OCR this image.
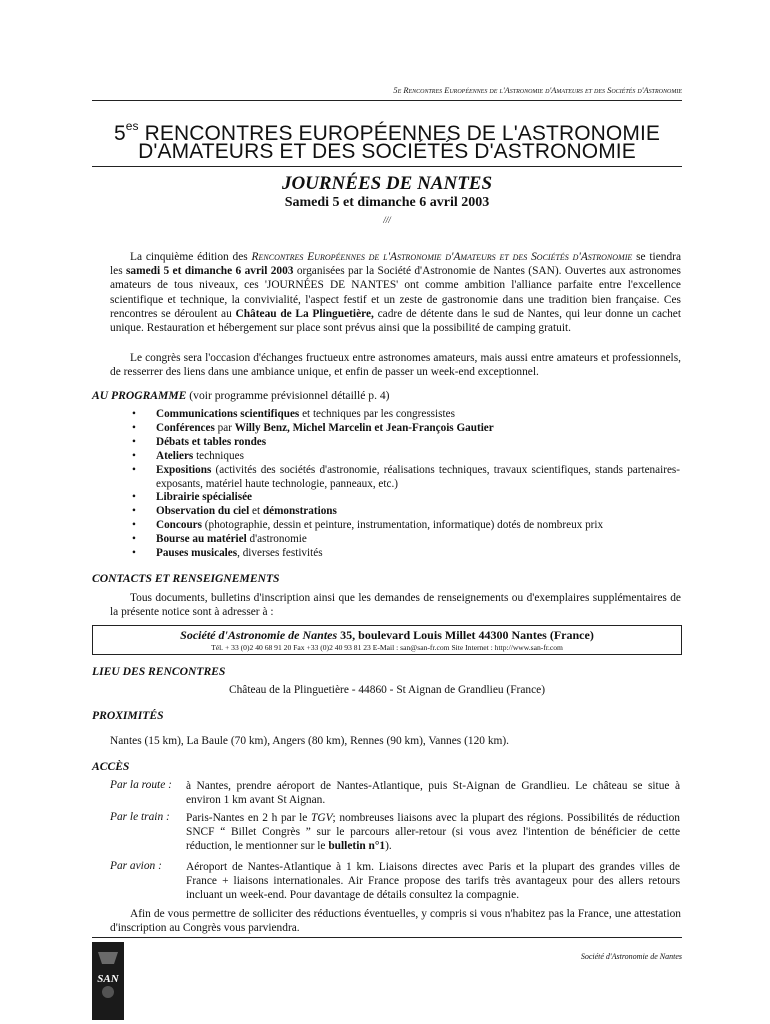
5e Rencontres Européennes de l'Astronomie d'Amateurs et des Sociétés d'Astronomie
$5^{es}$ RENCONTRES EUROPÉENNES DE L'ASTRONOMIE
D'AMATEURS ET DES SOCIÉTÉS D'ASTRONOMIE
JOURNÉES DE NANTES
Samedi 5 et dimanche 6 avril 2003
///
La cinquième édition des Rencontres Européennes de l'Astronomie d'Amateurs et des Sociétés d'Astronomie se tiendra les samedi 5 et dimanche 6 avril 2003 organisées par la Société d'Astronomie de Nantes (SAN). Ouvertes aux astronomes amateurs de tous niveaux, ces 'JOURNÉES DE NANTES' ont comme ambition l'alliance parfaite entre l'excellence scientifique et technique, la convivialité, l'aspect festif et un zeste de gastronomie dans une tradition bien française. Ces rencontres se déroulent au Château de La Plinguetière, cadre de détente dans le sud de Nantes, qui leur donne un cachet unique. Restauration et hébergement sur place sont prévus ainsi que la possibilité de camping gratuit.
Le congrès sera l'occasion d'échanges fructueux entre astronomes amateurs, mais aussi entre amateurs et professionnels, de resserrer des liens dans une ambiance unique, et enfin de passer un week-end exceptionnel.
AU PROGRAMME (voir programme prévisionnel détaillé p. 4)
• Communications scientifiques et techniques par les congressistes
• Conférences par Willy Benz, Michel Marcelin et Jean-François Gautier
• Débats et tables rondes
• Ateliers techniques
• Expositions (activités des sociétés d'astronomie, réalisations techniques, travaux scientifiques, stands partenaires-exposants, matériel haute technologie, panneaux, etc.)
• Librairie spécialisée
• Observation du ciel et démonstrations
• Concours (photographie, dessin et peinture, instrumentation, informatique) dotés de nombreux prix
• Bourse au matériel d'astronomie
• Pauses musicales, diverses festivités
CONTACTS ET RENSEIGNEMENTS
Tous documents, bulletins d'inscription ainsi que les demandes de renseignements ou d'exemplaires supplémentaires de la présente notice sont à adresser à :
Société d'Astronomie de Nantes 35, boulevard Louis Millet 44300 Nantes (France)
Tél. + 33 (0)2 40 68 91 20 Fax +33 (0)2 40 93 81 23 E-Mail : san@san-fr.com Site Internet : http://www.san-fr.com
LIEU DES RENCONTRES
Château de la Plinguetière - 44860 - St Aignan de Grandlieu (France)
PROXIMITÉS
Nantes (15 km), La Baule (70 km), Angers (80 km), Rennes (90 km), Vannes (120 km).
ACCÈS
Par la route : à Nantes, prendre aéroport de Nantes-Atlantique, puis St-Aignan de Grandlieu. Le château se situe à environ 1 km avant St Aignan.
Par le train : Paris-Nantes en 2 h par le TGV; nombreuses liaisons avec la plupart des régions. Possibilités de réduction SNCF “ Billet Congrès ” sur le parcours aller-retour (si vous avez l'intention de bénéficier de cette réduction, le mentionner sur le bulletin n°1).
Par avion : Aéroport de Nantes-Atlantique à 1 km. Liaisons directes avec Paris et la plupart des grandes villes de France + liaisons internationales. Air France propose des tarifs très avantageux pour des allers retours incluant un week-end. Pour davantage de détails consultez la compagnie.
Afin de vous permettre de solliciter des réductions éventuelles, y compris si vous n'habitez pas la France, une attestation d'inscription au Congrès vous parviendra.
Société d'Astronomie de Nantes
SAN
